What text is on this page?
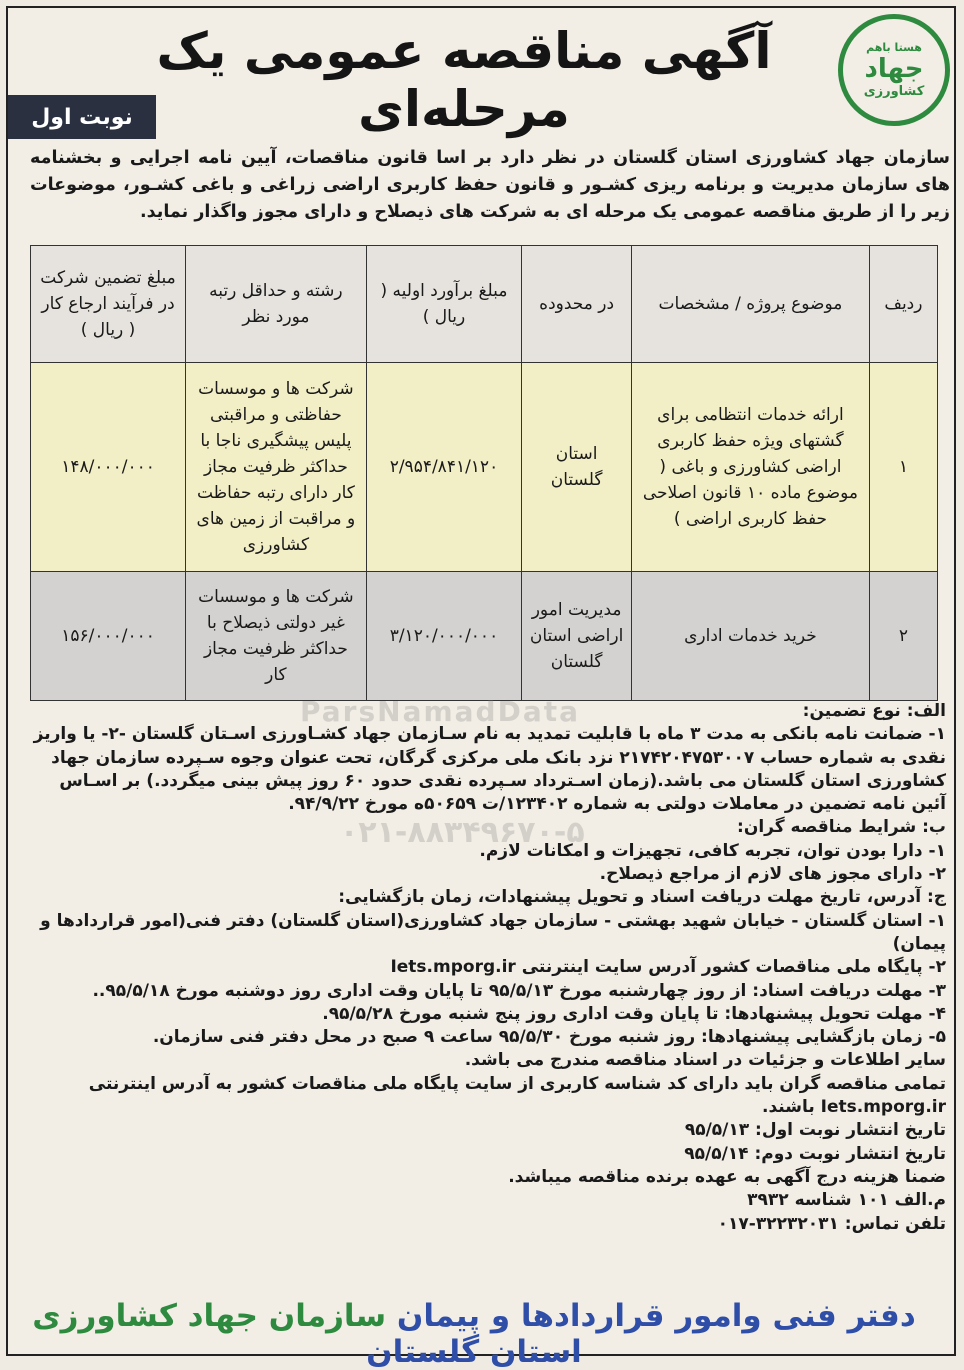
هستا باهم
جهاد
کشاورزی
آگهی مناقصه عمومی یک مرحله‌ای
نوبت اول
سازمان جهاد کشاورزی استان گلستان در نظر دارد بر اسا قانون مناقصات، آیین نامه اجرایی و بخشنامه های سازمان مدیریت و برنامه ریزی کشـور و قانون حفظ کاربری اراضی زراغی و باغی کشـور، موضوعات زیر را از طریق مناقصه عمومی یک مرحله ای به شرکت های ذیصلاح و دارای مجوز واگذار نماید.
ردیف	موضوع پروژه / مشخصات	در محدوده	مبلغ برآورد اولیه ( ریال )	رشته و حداقل رتبه مورد نظر	مبلغ تضمین شرکت در فرآیند ارجاع کار ( ریال )
۱	ارائه خدمات انتظامی برای گشتهای ویژه حفظ کاربری اراضی کشاورزی و باغی ( موضوع ماده ۱۰ قانون اصلاحی حفظ کاربری اراضی )	استان گلستان	۲/۹۵۴/۸۴۱/۱۲۰	شرکت ها و موسسات حفاظتی و مراقبتی پلیس پیشگیری ناجا با حداکثر ظرفیت مجاز کار دارای رتبه حفاظت و مراقبت از زمین های کشاورزی	۱۴۸/۰۰۰/۰۰۰
۲	خرید خدمات اداری	مدیریت امور اراضی استان گلستان	۳/۱۲۰/۰۰۰/۰۰۰	شرکت ها و موسسات غیر دولتی ذیصلاح با حداکثر ظرفیت مجاز کار	۱۵۶/۰۰۰/۰۰۰
ParsNamadData
۰۲۱-۸۸۳۴۹۶۷۰-۵

الف: نوع تضمین:

۱- ضمانت نامه بانکی به مدت ۳ ماه با قابلیت تمدید به نام سـازمان جهاد کشـاورزی اسـتان گلستان -۲- یا واریز نقدی به شماره حساب ۲۱۷۴۲۰۴۷۵۳۰۰۷ نزد بانک ملی مرکزی گرگان، تحت عنوان وجوه سـپرده سازمان جهاد کشاورزی استان گلستان می باشد.(زمان اسـترداد سـپرده نقدی حدود ۶۰ روز پیش بینی میگردد.) بر اسـاس آئین نامه تضمین در معاملات دولتی به شماره ۱۲۳۴۰۲/ت ۵۰۶۵۹ه مورخ ۹۴/۹/۲۲.

ب: شرایط مناقصه گران:

۱- دارا بودن توان، تجربه کافی، تجهیزات و امکانات لازم.

۲- دارای مجوز های لازم از مراجع ذیصلاح.

ج: آدرس، تاریخ مهلت دریافت اسناد و تحویل پیشنهادات، زمان بازگشایی:

۱- استان گلستان - خیابان شهید بهشتی - سازمان جهاد کشاورزی(استان گلستان) دفتر فنی(امور قراردادها و پیمان)

۲- پایگاه ملی مناقصات کشور آدرس سایت اینترنتی Iets.mporg.ir

۳- مهلت دریافت اسناد: از روز چهارشنبه مورخ ۹۵/۵/۱۳ تا پایان وقت اداری روز دوشنبه مورخ ۹۵/۵/۱۸..

۴- مهلت تحویل پیشنهادها: تا پایان وقت اداری روز پنج شنبه مورخ ۹۵/۵/۲۸.

۵- زمان بازگشایی پیشنهادها: روز شنبه مورخ ۹۵/۵/۳۰ ساعت ۹ صبح در محل دفتر فنی سازمان.

سایر اطلاعات و جزئیات در اسناد مناقصه مندرج می باشد.

تمامی مناقصه گران باید دارای کد شناسه کاربری از سایت پایگاه ملی مناقصات کشور به آدرس اینترنتی Iets.mporg.ir باشند.

تاریخ انتشار نوبت اول: ۹۵/۵/۱۳

تاریخ انتشار نوبت دوم: ۹۵/۵/۱۴

ضمنا هزینه درج آگهی به عهده برنده مناقصه میباشد.

م.الف ۱۰۱ شناسه ۳۹۳۲

تلفن تماس: ۳۲۲۳۲۰۳۱-۰۱۷

دفتر فنی وامور قراردادها و پیمان سازمان جهاد کشاورزی استان گلستان
